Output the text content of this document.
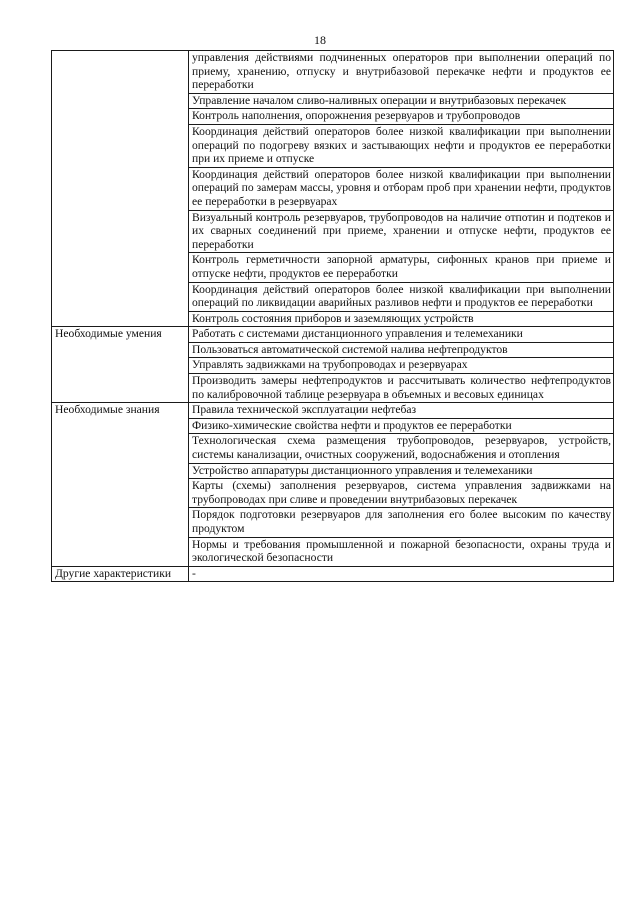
18
	управления действиями подчиненных операторов при выполнении операций по приему, хранению, отпуску и внутрибазовой перекачке нефти и продуктов ее переработки
	Управление началом сливо-наливных операции и внутрибазовых перекачек
	Контроль наполнения, опорожнения резервуаров и трубопроводов
	Координация действий операторов более низкой квалификации при выполнении операций по подогреву вязких и застывающих нефти и продуктов ее переработки при их приеме и отпуске
	Координация действий операторов более низкой квалификации при выполнении операций по замерам массы, уровня и отборам проб при хранении нефти, продуктов ее переработки в резервуарах
	Визуальный контроль резервуаров, трубопроводов на наличие отпотин и подтеков и их сварных соединений при приеме, хранении и отпуске нефти, продуктов ее переработки
	Контроль герметичности запорной арматуры, сифонных кранов при приеме и отпуске нефти, продуктов ее переработки
	Координация действий операторов более низкой квалификации при выполнении операций по ликвидации аварийных разливов нефти и продуктов ее переработки
	Контроль состояния приборов и заземляющих устройств
Необходимые умения	Работать с системами дистанционного управления и телемеханики
	Пользоваться автоматической системой налива нефтепродуктов
	Управлять задвижками на трубопроводах и резервуарах
	Производить замеры нефтепродуктов и рассчитывать количество нефтепродуктов по калибровочной таблице резервуара в объемных и весовых единицах
Необходимые знания	Правила технической эксплуатации нефтебаз
	Физико-химические свойства нефти и продуктов ее переработки
	Технологическая схема размещения трубопроводов, резервуаров, устройств, системы канализации, очистных сооружений, водоснабжения и отопления
	Устройство аппаратуры дистанционного управления и телемеханики
	Карты (схемы) заполнения резервуаров, система управления задвижками на трубопроводах при сливе и проведении внутрибазовых перекачек
	Порядок подготовки резервуаров для заполнения его более высоким по качеству продуктом
	Нормы и требования промышленной и пожарной безопасности, охраны труда и экологической безопасности
Другие характеристики	-
